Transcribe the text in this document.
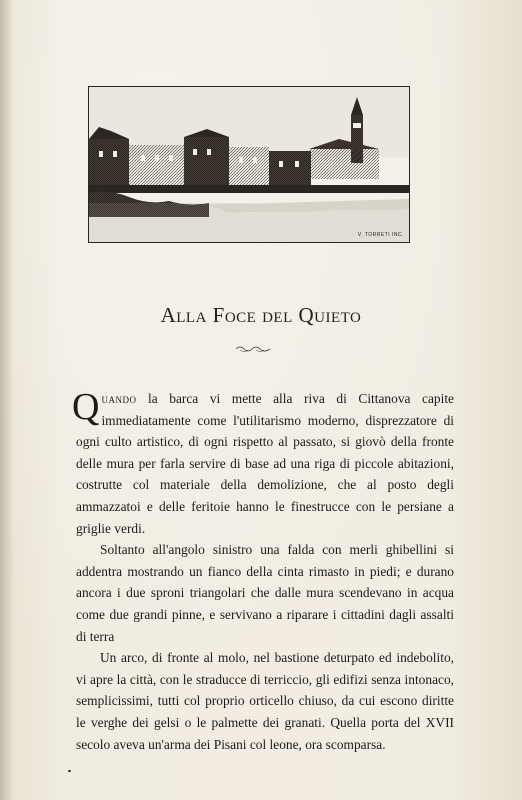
V. TORRETI INC.
Alla Foce del Quieto

Quando la barca vi mette alla riva di Cittanova capite immediatamente come l'utilitarismo moderno, disprezzatore di ogni culto artistico, di ogni rispetto al passato, si giovò della fronte delle mura per farla servire di base ad una riga di piccole abitazioni, costrutte col materiale della demolizione, che al posto degli ammazzatoi e delle feritoie hanno le finestrucce con le persiane a griglie verdi.

Soltanto all'angolo sinistro una falda con merli ghibellini si addentra mostrando un fianco della cinta rimasto in piedi; e durano ancora i due sproni triangolari che dalle mura scendevano in acqua come due grandi pinne, e servivano a riparare i cittadini dagli assalti di terra

Un arco, di fronte al molo, nel bastione deturpato ed indebolito, vi apre la città, con le straducce di terriccio, gli edifizi senza intonaco, semplicissimi, tutti col proprio orticello chiuso, da cui escono diritte le verghe dei gelsi o le palmette dei granati. Quella porta del XVII secolo aveva un'arma dei Pisani col leone, ora scomparsa.
